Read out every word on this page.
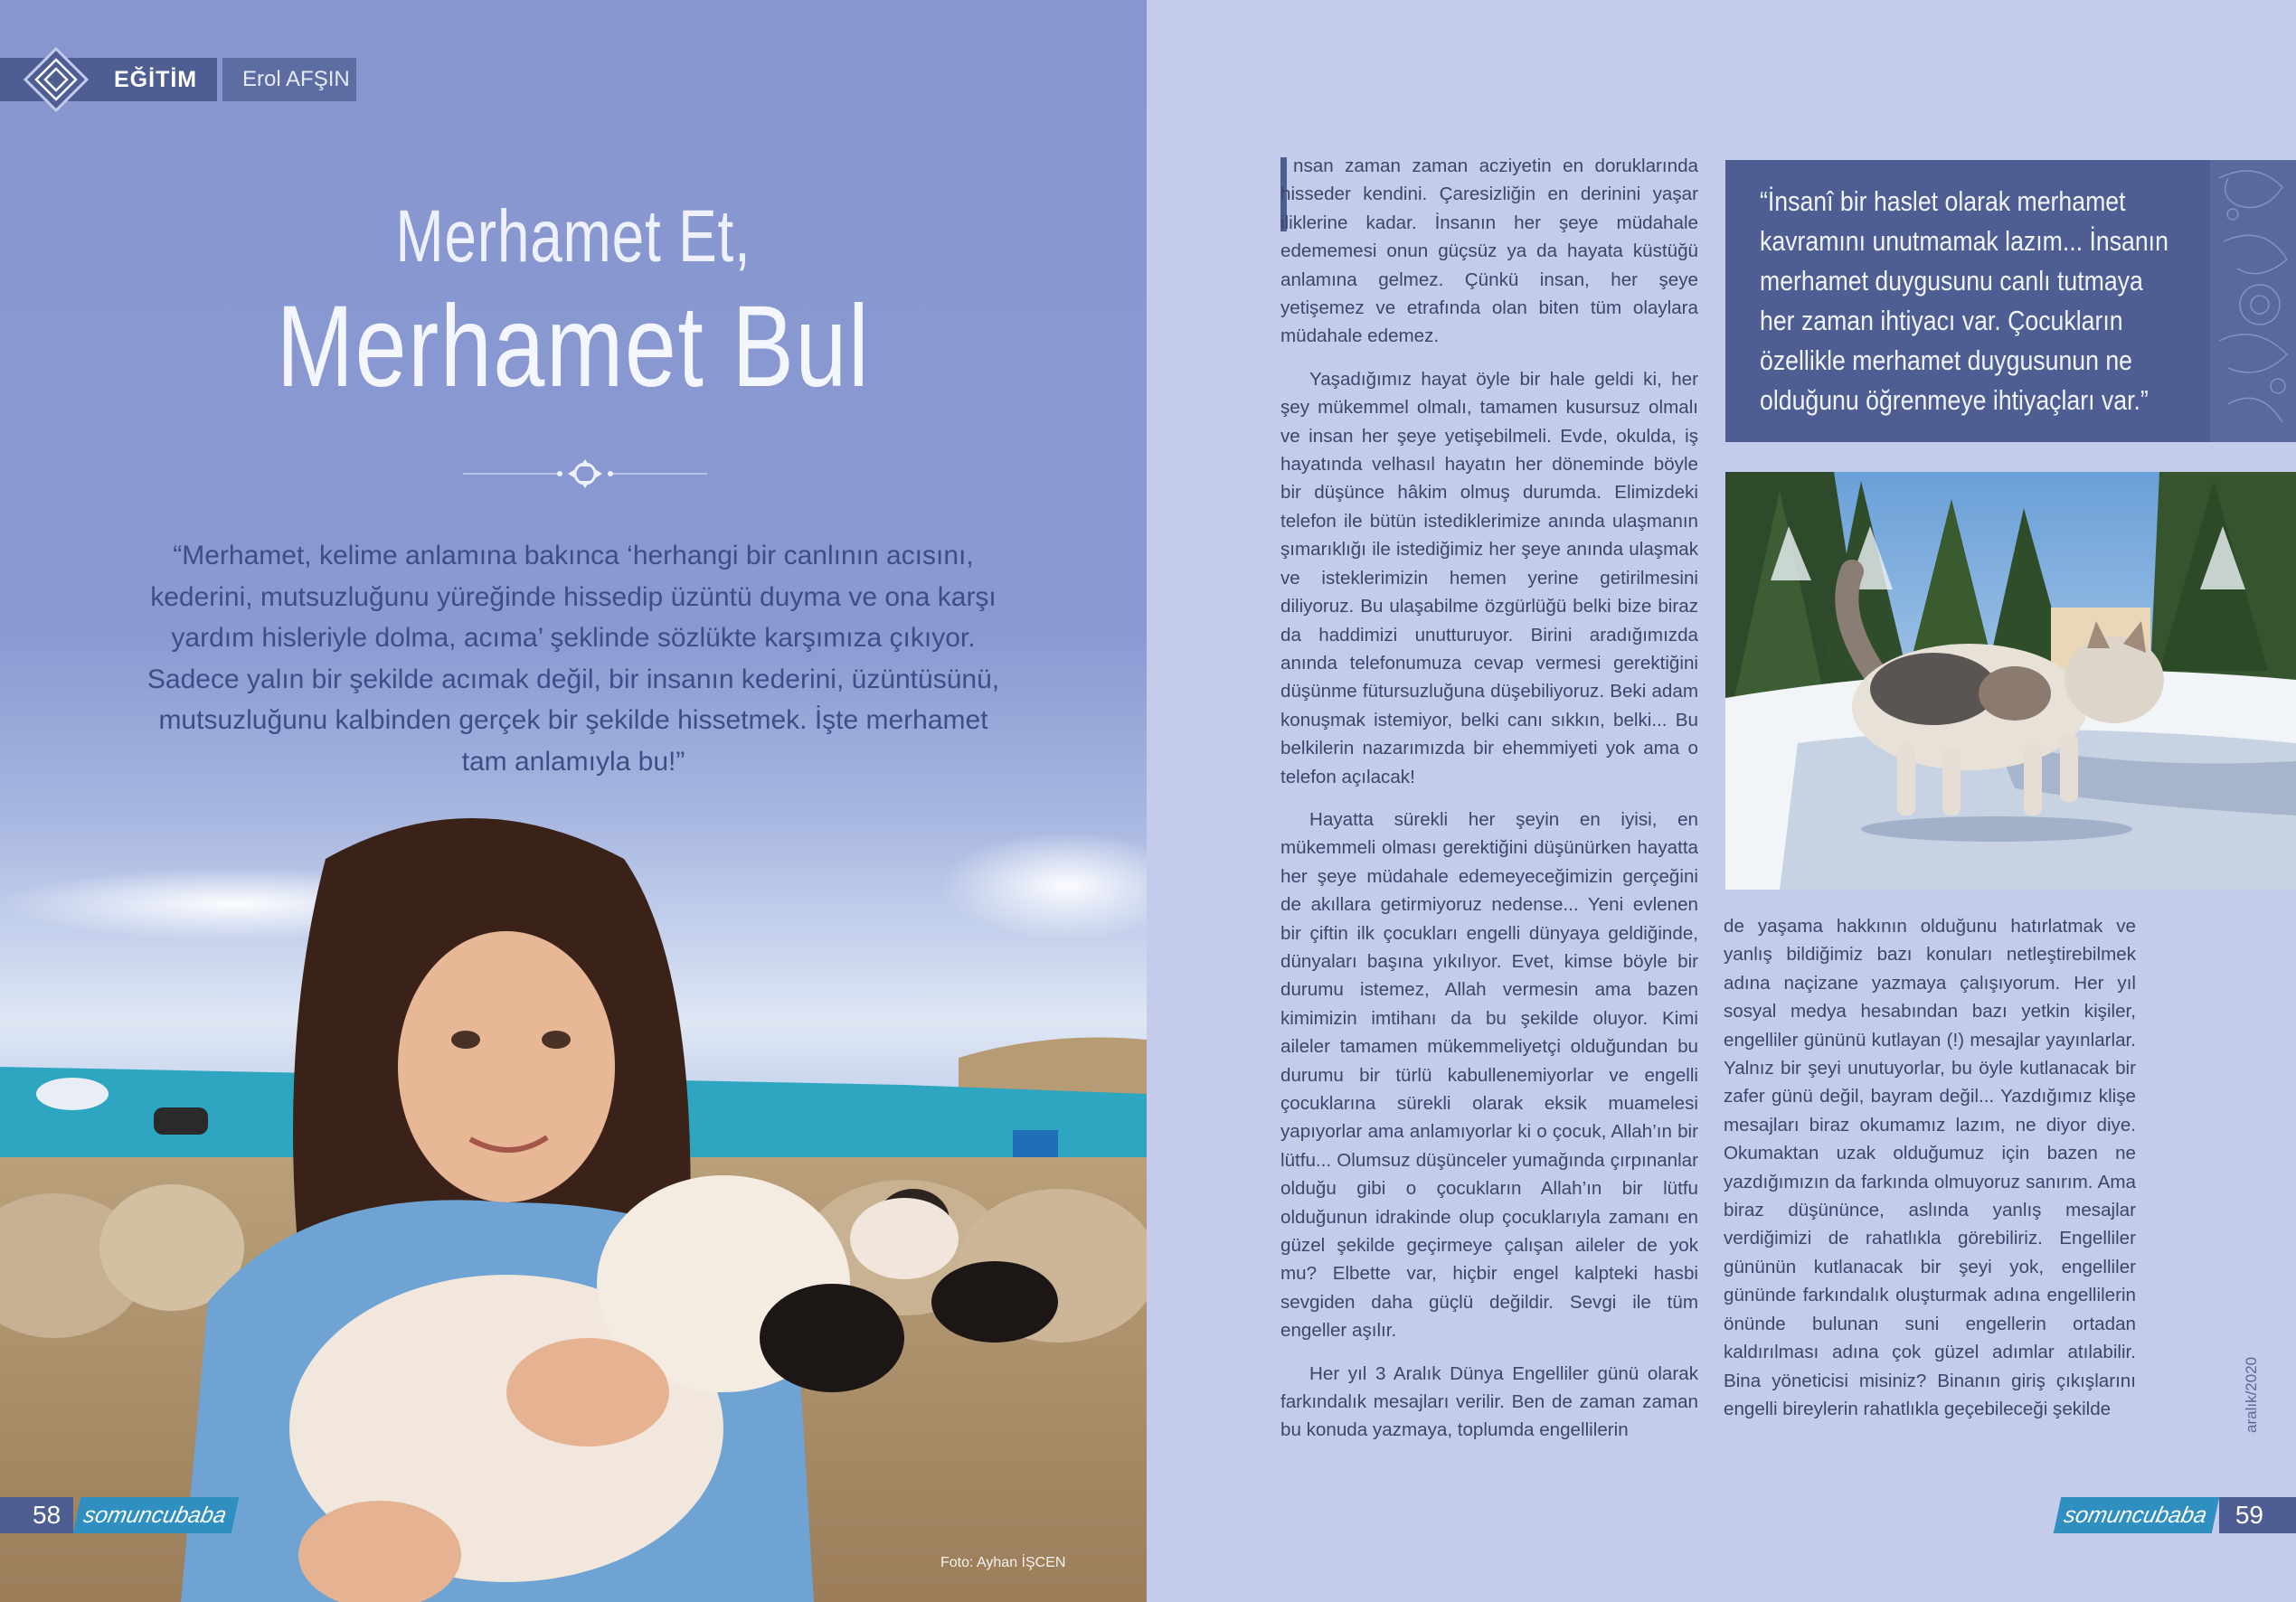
EĞİTİM Erol AFŞIN
Merhamet Et,
Merhamet Bul
“Merhamet, kelime anlamına bakınca ‘herhangi bir canlının acısını, kederini, mutsuzluğunu yüreğinde hissedip üzüntü duyma ve ona karşı yardım hisleriyle dolma, acıma’ şeklinde sözlükte karşımıza çıkıyor. Sadece yalın bir şekilde acımak değil, bir insanın kederini, üzüntüsünü, mutsuzluğunu kalbinden gerçek bir şekilde hissetmek. İşte merhamet tam anlamıyla bu!”
58 somuncubaba
Foto: Ayhan İŞCEN

nsan zaman zaman acziyetin en doruklarında hisseder kendini. Çaresizliğin en derinini yaşar iliklerine kadar. İnsanın her şeye müdahale edememesi onun güçsüz ya da hayata küstüğü anlamına gelmez. Çünkü insan, her şeye yetişemez ve etrafında olan biten tüm olaylara müdahale edemez.

Yaşadığımız hayat öyle bir hale geldi ki, her şey mükemmel olmalı, tamamen kusursuz olmalı ve insan her şeye yetişebilmeli. Evde, okulda, iş hayatında velhasıl hayatın her döneminde böyle bir düşünce hâkim olmuş durumda. Elimizdeki telefon ile bütün istediklerimize anında ulaşmanın şımarıklığı ile istediğimiz her şeye anında ulaşmak ve isteklerimizin hemen yerine getirilmesini diliyoruz. Bu ulaşabilme özgürlüğü belki bize biraz da haddimizi unutturuyor. Birini aradığımızda anında telefonumuza cevap vermesi gerektiğini düşünme fütursuzluğuna düşebiliyoruz. Beki adam konuşmak istemiyor, belki canı sıkkın, belki... Bu belkilerin nazarımızda bir ehemmiyeti yok ama o telefon açılacak!

Hayatta sürekli her şeyin en iyisi, en mükemmeli olması gerektiğini düşünürken hayatta her şeye müdahale edemeyeceğimizin gerçeğini de akıllara getirmiyoruz nedense... Yeni evlenen bir çiftin ilk çocukları engelli dünyaya geldiğinde, dünyaları başına yıkılıyor. Evet, kimse böyle bir durumu istemez, Allah vermesin ama bazen kimimizin imtihanı da bu şekilde oluyor. Kimi aileler tamamen mükemmeliyetçi olduğundan bu durumu bir türlü kabullenemiyorlar ve engelli çocuklarına sürekli olarak eksik muamelesi yapıyorlar ama anlamıyorlar ki o çocuk, Allah’ın bir lütfu... Olumsuz düşünceler yumağında çırpınanlar olduğu gibi o çocukların Allah’ın bir lütfu olduğunun idrakinde olup çocuklarıyla zamanı en güzel şekilde geçirmeye çalışan aileler de yok mu? Elbette var, hiçbir engel kalpteki hasbi sevgiden daha güçlü değildir. Sevgi ile tüm engeller aşılır.

Her yıl 3 Aralık Dünya Engelliler günü olarak farkındalık mesajları verilir. Ben de zaman zaman bu konuda yazmaya, toplumda engellilerin

“İnsanî bir haslet olarak merhamet kavramını unutmamak lazım... İnsanın merhamet duygusunu canlı tutmaya her zaman ihtiyacı var. Çocukların özellikle merhamet duygusunun ne olduğunu öğrenmeye ihtiyaçları var.”

de yaşama hakkının olduğunu hatırlatmak ve yanlış bildiğimiz bazı konuları netleştirebilmek adına naçizane yazmaya çalışıyorum. Her yıl sosyal medya hesabından bazı yetkin kişiler, engelliler gününü kutlayan (!) mesajlar yayınlarlar. Yalnız bir şeyi unutuyorlar, bu öyle kutlanacak bir zafer günü değil, bayram değil... Yazdığımız klişe mesajları biraz okumamız lazım, ne diyor diye. Okumaktan uzak olduğumuz için bazen ne yazdığımızın da farkında olmuyoruz sanırım. Ama biraz düşününce, aslında yanlış mesajlar verdiğimizi de rahatlıkla görebiliriz. Engelliler gününün kutlanacak bir şeyi yok, engelliler gününde farkındalık oluşturmak adına engellilerin önünde bulunan suni engellerin ortadan kaldırılması adına çok güzel adımlar atılabilir. Bina yöneticisi misiniz? Binanın giriş çıkışlarını engelli bireylerin rahatlıkla geçebileceği şekilde	aralık/2020
somuncubaba	59
